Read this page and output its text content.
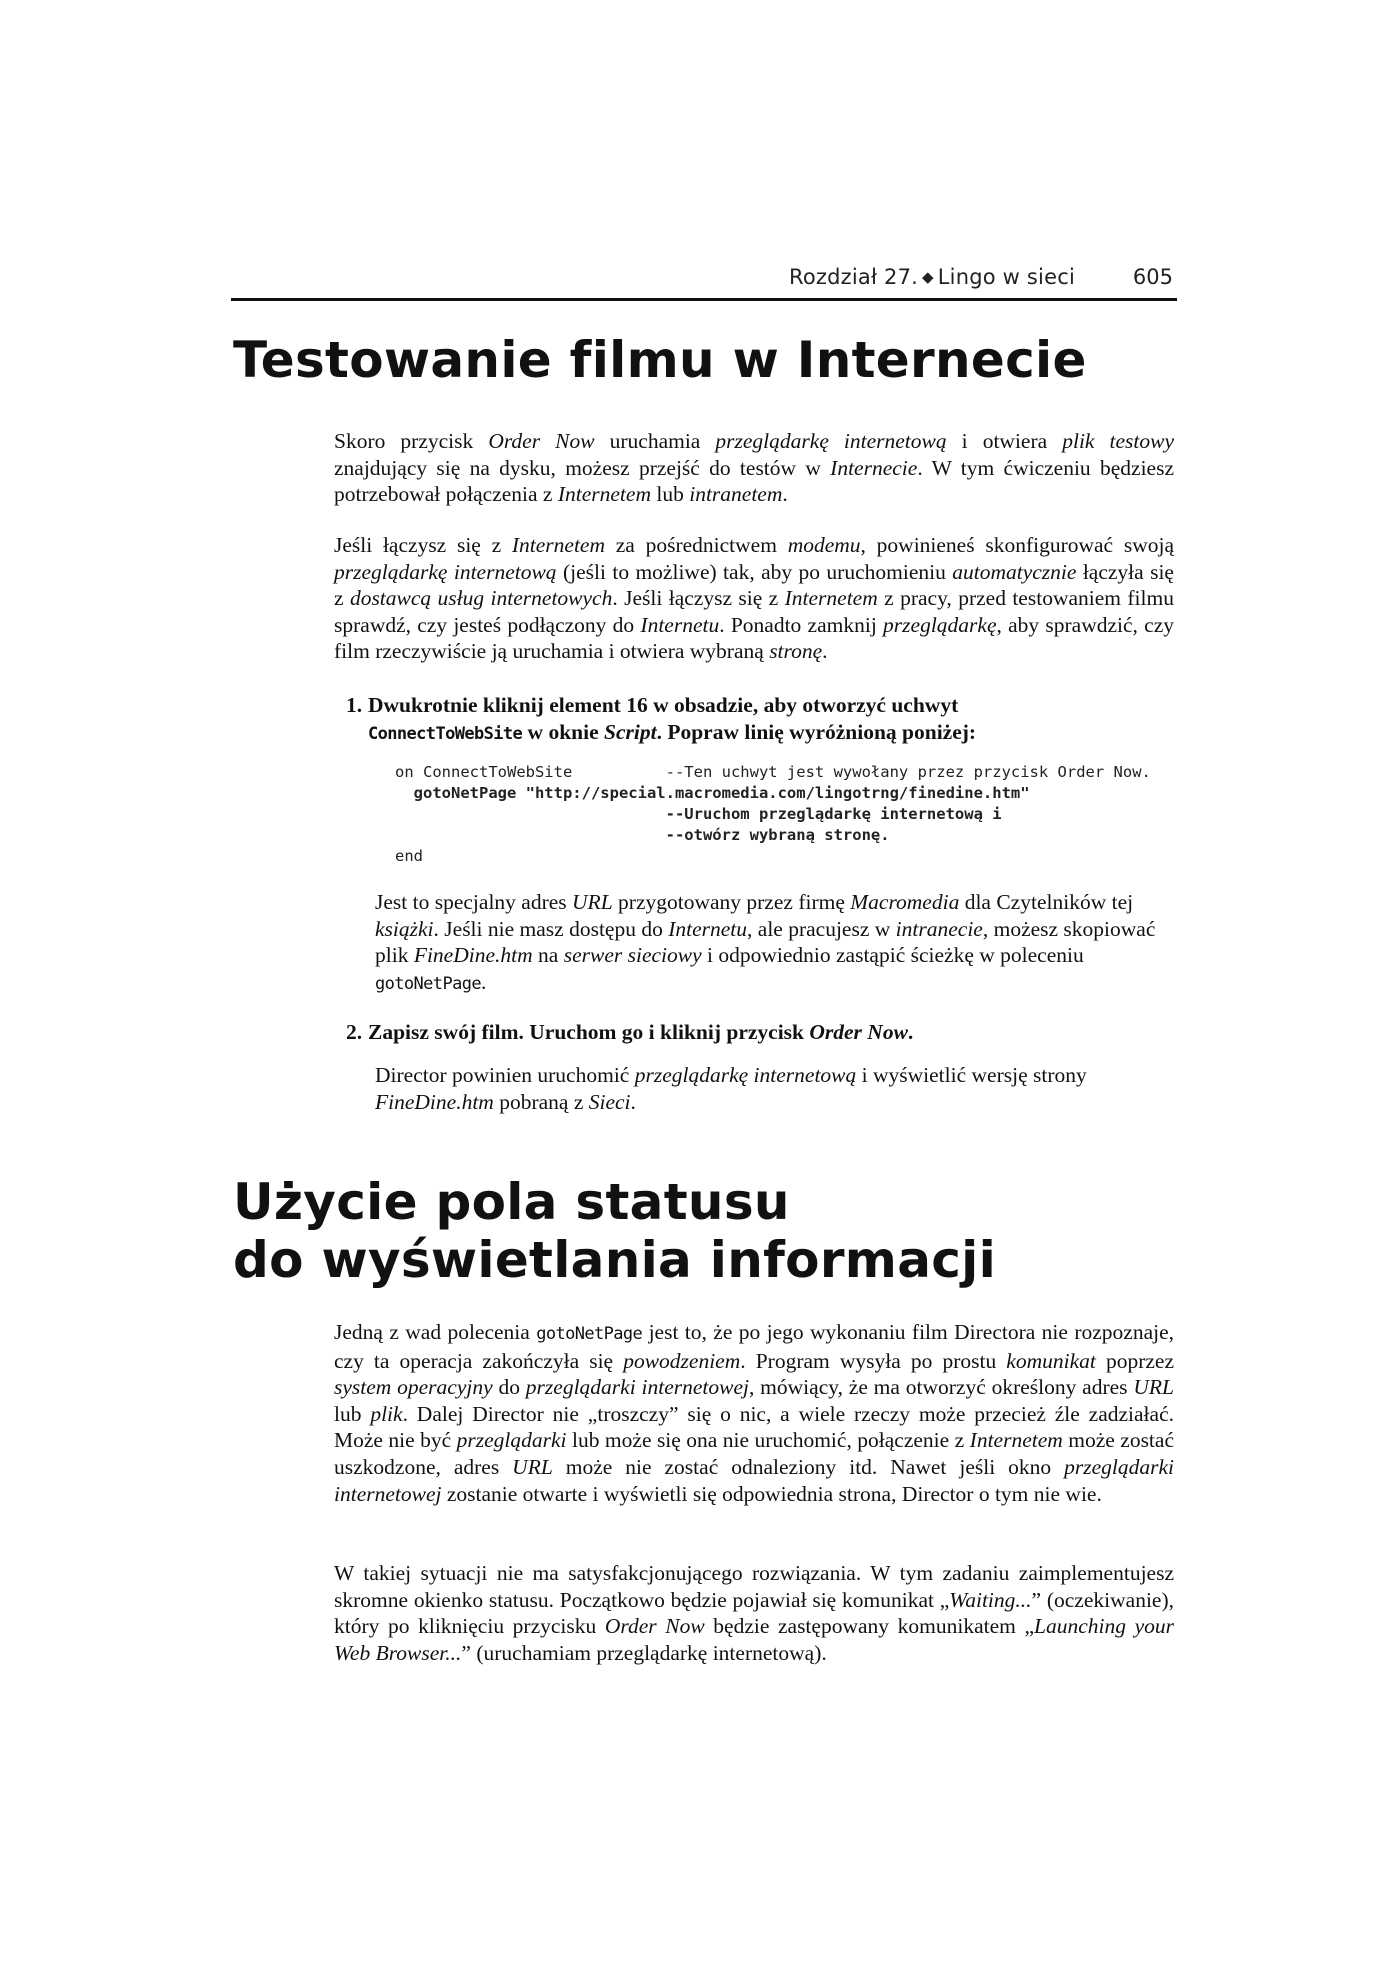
Rozdział 27. ◆ Lingo w sieci	605
Testowanie filmu w Internecie

Skoro przycisk Order Now uruchamia przeglądarkę internetową i otwiera plik testowy znajdujący się na dysku, możesz przejść do testów w Internecie. W tym ćwiczeniu będziesz potrzebował połączenia z Internetem lub intranetem.

Jeśli łączysz się z Internetem za pośrednictwem modemu, powinieneś skonfigurować swoją przeglądarkę internetową (jeśli to możliwe) tak, aby po uruchomieniu automatycznie łączyła się z dostawcą usług internetowych. Jeśli łączysz się z Internetem z pracy, przed testowaniem filmu sprawdź, czy jesteś podłączony do Internetu. Ponadto zamknij przeglądarkę, aby sprawdzić, czy film rzeczywiście ją uruchamia i otwiera wybraną stronę.

1. Dwukrotnie kliknij element 16 w obsadzie, aby otworzyć uchwyt
ConnectToWebSite w oknie Script. Popraw linię wyróżnioną poniżej:
on ConnectToWebSite          --Ten uchwyt jest wywołany przez przycisk Order Now.
gotoNetPage "http://special.macromedia.com/lingotrng/finedine.htm"
--Uruchom przeglądarkę internetową i
--otwórz wybraną stronę.
end

Jest to specjalny adres URL przygotowany przez firmę Macromedia dla Czytelników tej książki. Jeśli nie masz dostępu do Internetu, ale pracujesz w intranecie, możesz skopiować plik FineDine.htm na serwer sieciowy i odpowiednio zastąpić ścieżkę w poleceniu gotoNetPage.

2. Zapisz swój film. Uruchom go i kliknij przycisk Order Now.

Director powinien uruchomić przeglądarkę internetową i wyświetlić wersję strony FineDine.htm pobraną z Sieci.

Użycie pola statusu
do wyświetlania informacji

Jedną z wad polecenia gotoNetPage jest to, że po jego wykonaniu film Directora nie rozpoznaje, czy ta operacja zakończyła się powodzeniem. Program wysyła po prostu komunikat poprzez system operacyjny do przeglądarki internetowej, mówiący, że ma otworzyć określony adres URL lub plik. Dalej Director nie „troszczy” się o nic, a wiele rzeczy może przecież źle zadziałać. Może nie być przeglądarki lub może się ona nie uruchomić, połączenie z Internetem może zostać uszkodzone, adres URL może nie zostać odnaleziony itd. Nawet jeśli okno przeglądarki internetowej zostanie otwarte i wyświetli się odpowiednia strona, Director o tym nie wie.

W takiej sytuacji nie ma satysfakcjonującego rozwiązania. W tym zadaniu zaimplementujesz skromne okienko statusu. Początkowo będzie pojawiał się komunikat „Waiting...” (oczekiwanie), który po kliknięciu przycisku Order Now będzie zastępowany komunikatem „Launching your Web Browser...” (uruchamiam przeglądarkę internetową).
